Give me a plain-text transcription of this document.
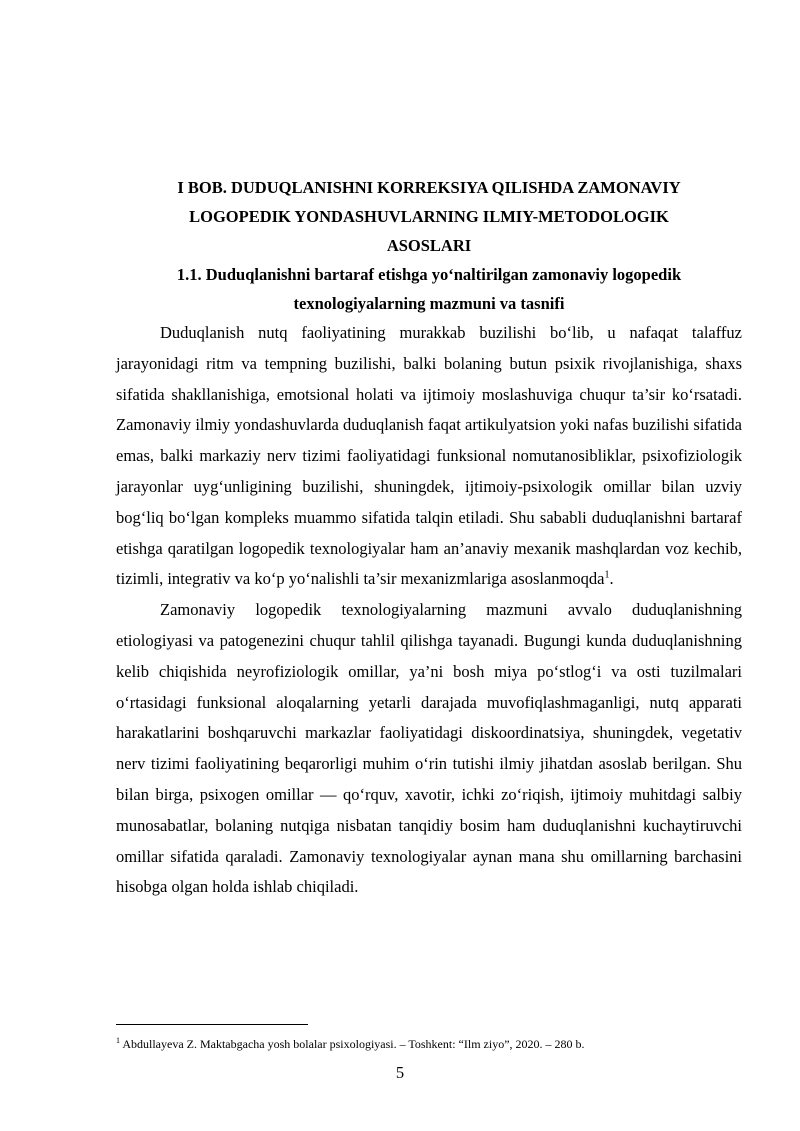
I BOB. DUDUQLANISHNI KORREKSIYA QILISHDA ZAMONAVIY

LOGOPEDIK YONDASHUVLARNING ILMIY-METODOLOGIK

ASOSLARI

1.1. Duduqlanishni bartaraf etishga yo‘naltirilgan zamonaviy logopedik

texnologiyalarning mazmuni va tasnifi

Duduqlanish nutq faoliyatining murakkab buzilishi bo‘lib, u nafaqat talaffuz jarayonidagi ritm va tempning buzilishi, balki bolaning butun psixik rivojlanishiga, shaxs sifatida shakllanishiga, emotsional holati va ijtimoiy moslashuviga chuqur ta’sir ko‘rsatadi. Zamonaviy ilmiy yondashuvlarda duduqlanish faqat artikulyatsion yoki nafas buzilishi sifatida emas, balki markaziy nerv tizimi faoliyatidagi funksional nomutanosibliklar, psixofiziologik jarayonlar uyg‘unligining buzilishi, shuningdek, ijtimoiy-psixologik omillar bilan uzviy bog‘liq bo‘lgan kompleks muammo sifatida talqin etiladi. Shu sababli duduqlanishni bartaraf etishga qaratilgan logopedik texnologiyalar ham an’anaviy mexanik mashqlardan voz kechib, tizimli, integrativ va ko‘p yo‘nalishli ta’sir mexanizmlariga asoslanmoqda$^1$.

Zamonaviy logopedik texnologiyalarning mazmuni avvalo duduqlanishning etiologiyasi va patogenezini chuqur tahlil qilishga tayanadi. Bugungi kunda duduqlanishning kelib chiqishida neyrofiziologik omillar, ya’ni bosh miya po‘stlog‘i va osti tuzilmalari o‘rtasidagi funksional aloqalarning yetarli darajada muvofiqlashmaganligi, nutq apparati harakatlarini boshqaruvchi markazlar faoliyatidagi diskoordinatsiya, shuningdek, vegetativ nerv tizimi faoliyatining beqarorligi muhim o‘rin tutishi ilmiy jihatdan asoslab berilgan. Shu bilan birga, psixogen omillar — qo‘rquv, xavotir, ichki zo‘riqish, ijtimoiy muhitdagi salbiy munosabatlar, bolaning nutqiga nisbatan tanqidiy bosim ham duduqlanishni kuchaytiruvchi omillar sifatida qaraladi. Zamonaviy texnologiyalar aynan mana shu omillarning barchasini hisobga olgan holda ishlab chiqiladi.

$^1$ Abdullayeva Z. Maktabgacha yosh bolalar psixologiyasi. – Toshkent: “Ilm ziyo”, 2020. – 280 b.

5
